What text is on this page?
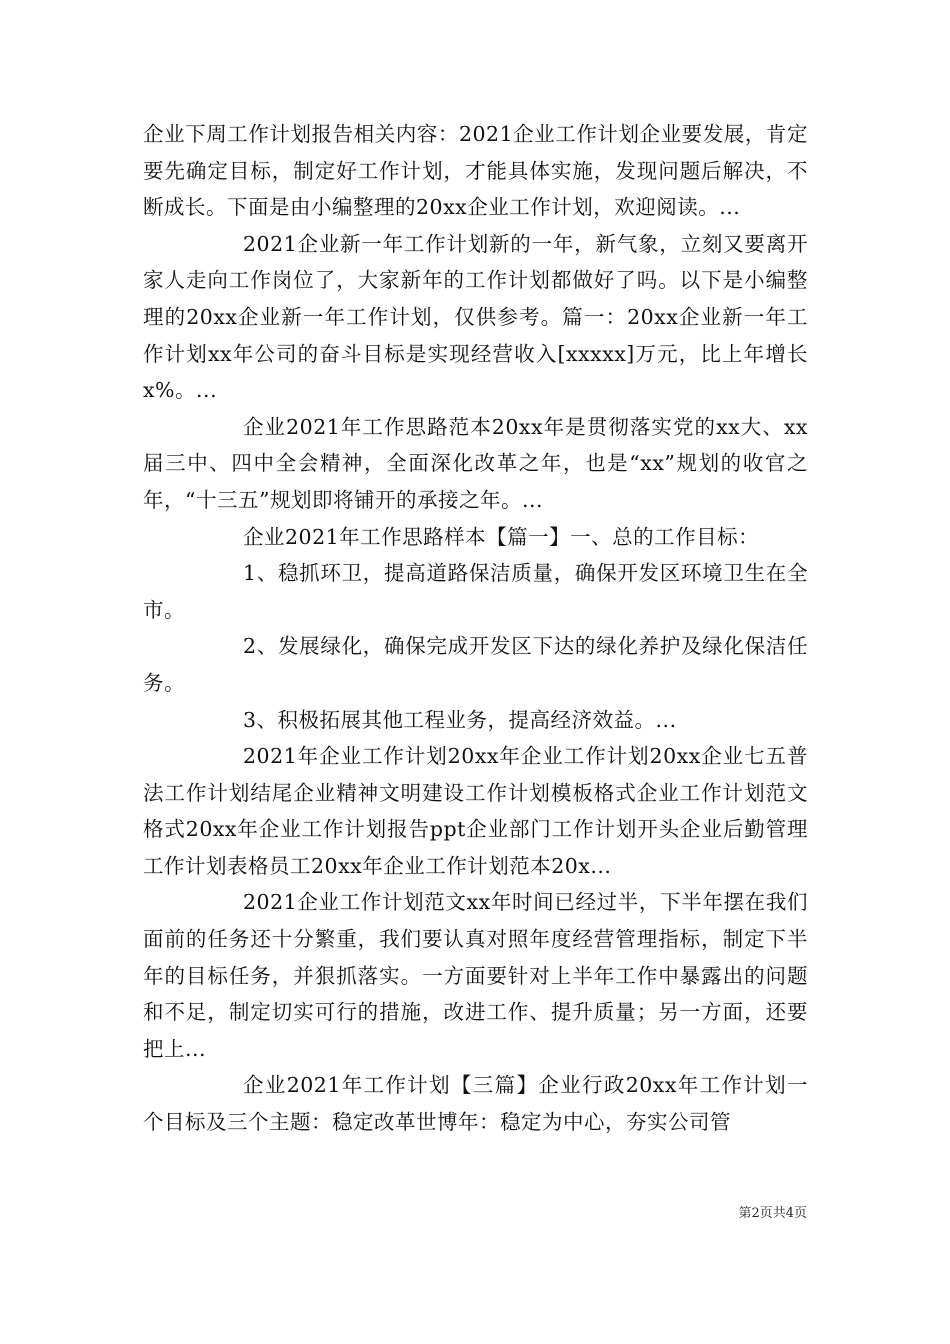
企业下周工作计划报告相关内容：2021企业工作计划企业要发展，肯定要先确定目标，制定好工作计划，才能具体实施，发现问题后解决，不断成长。下面是由小编整理的20xx企业工作计划，欢迎阅读。...

2021企业新一年工作计划新的一年，新气象，立刻又要离开家人走向工作岗位了，大家新年的工作计划都做好了吗。以下是小编整理的20xx企业新一年工作计划，仅供参考。篇一：20xx企业新一年工作计划xx年公司的奋斗目标是实现经营收入[xxxxx]万元，比上年增长x%。...

企业2021年工作思路范本20xx年是贯彻落实党的xx大、xx届三中、四中全会精神，全面深化改革之年，也是“xx”规划的收官之年，“十三五”规划即将铺开的承接之年。...

企业2021年工作思路样本【篇一】一、总的工作目标：

1、稳抓环卫，提高道路保洁质量，确保开发区环境卫生在全市。

2、发展绿化，确保完成开发区下达的绿化养护及绿化保洁任务。

3、积极拓展其他工程业务，提高经济效益。...

2021年企业工作计划20xx年企业工作计划20xx企业七五普法工作计划结尾企业精神文明建设工作计划模板格式企业工作计划范文格式20xx年企业工作计划报告ppt企业部门工作计划开头企业后勤管理工作计划表格员工20xx年企业工作计划范本20x...

2021企业工作计划范文xx年时间已经过半，下半年摆在我们面前的任务还十分繁重，我们要认真对照年度经营管理指标，制定下半年的目标任务，并狠抓落实。一方面要针对上半年工作中暴露出的问题和不足，制定切实可行的措施，改进工作、提升质量；另一方面，还要把上...

企业2021年工作计划【三篇】企业行政20xx年工作计划一个目标及三个主题：稳定改革世博年：稳定为中心，夯实公司管

第2页共4页
